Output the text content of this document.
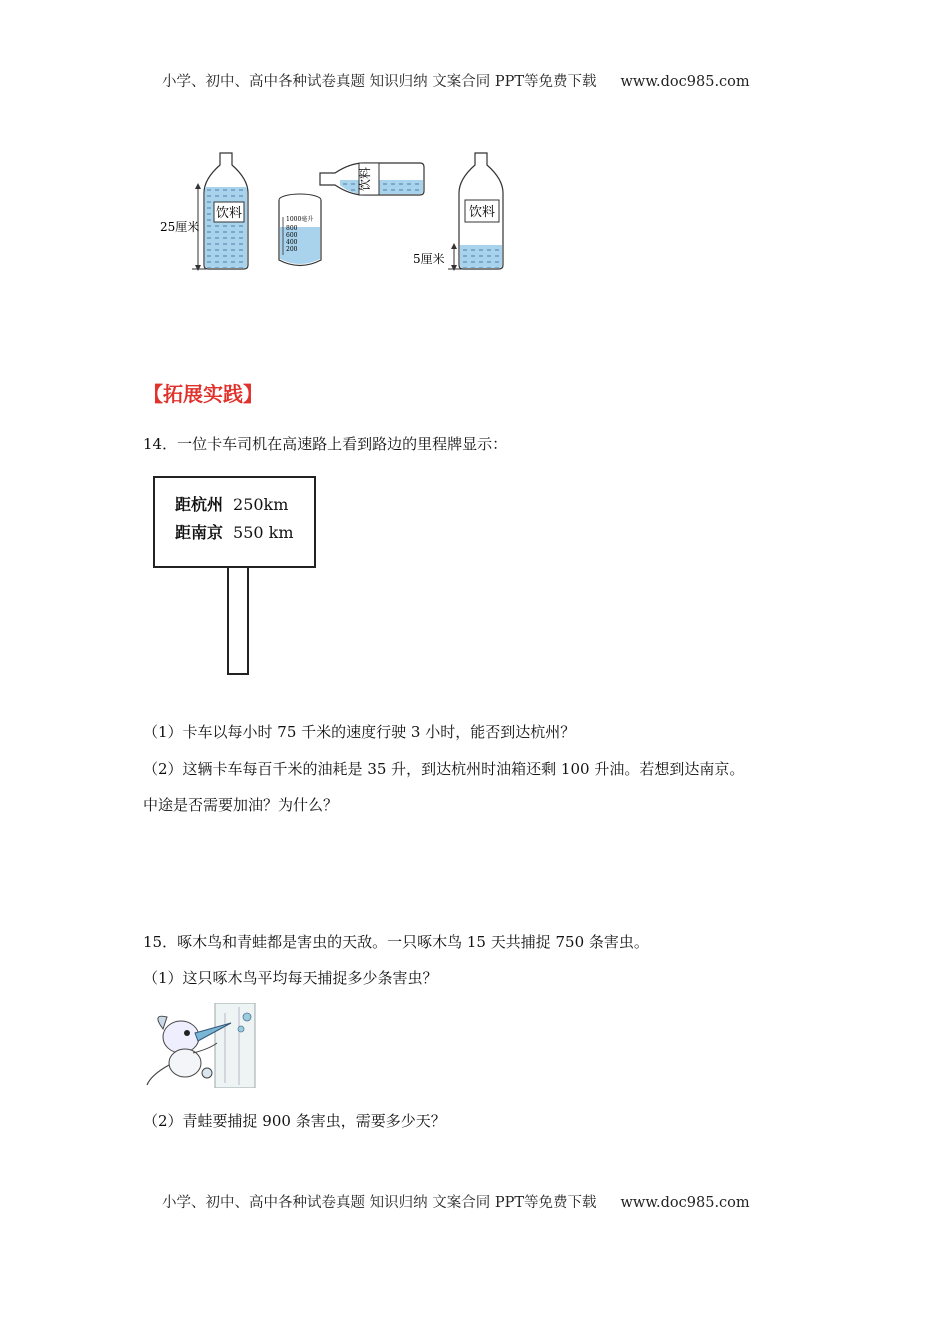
小学、初中、高中各种试卷真题 知识归纳 文案合同 PPT等免费下载 www.doc985.com
饮料
25厘米
1000毫升
800
600
400
200
饮料
饮料
5厘米
【拓展实践】
14．一位卡车司机在高速路上看到路边的里程牌显示：
距杭州 250km
距南京 550 km
（1）卡车以每小时 75 千米的速度行驶 3 小时，能否到达杭州？
（2）这辆卡车每百千米的油耗是 35 升，到达杭州时油箱还剩 100 升油。若想到达南京。
中途是否需要加油？为什么？
15．啄木鸟和青蛙都是害虫的天敌。一只啄木鸟 15 天共捕捉 750 条害虫。
（1）这只啄木鸟平均每天捕捉多少条害虫？
（2）青蛙要捕捉 900 条害虫，需要多少天？
小学、初中、高中各种试卷真题 知识归纳 文案合同 PPT等免费下载 www.doc985.com
